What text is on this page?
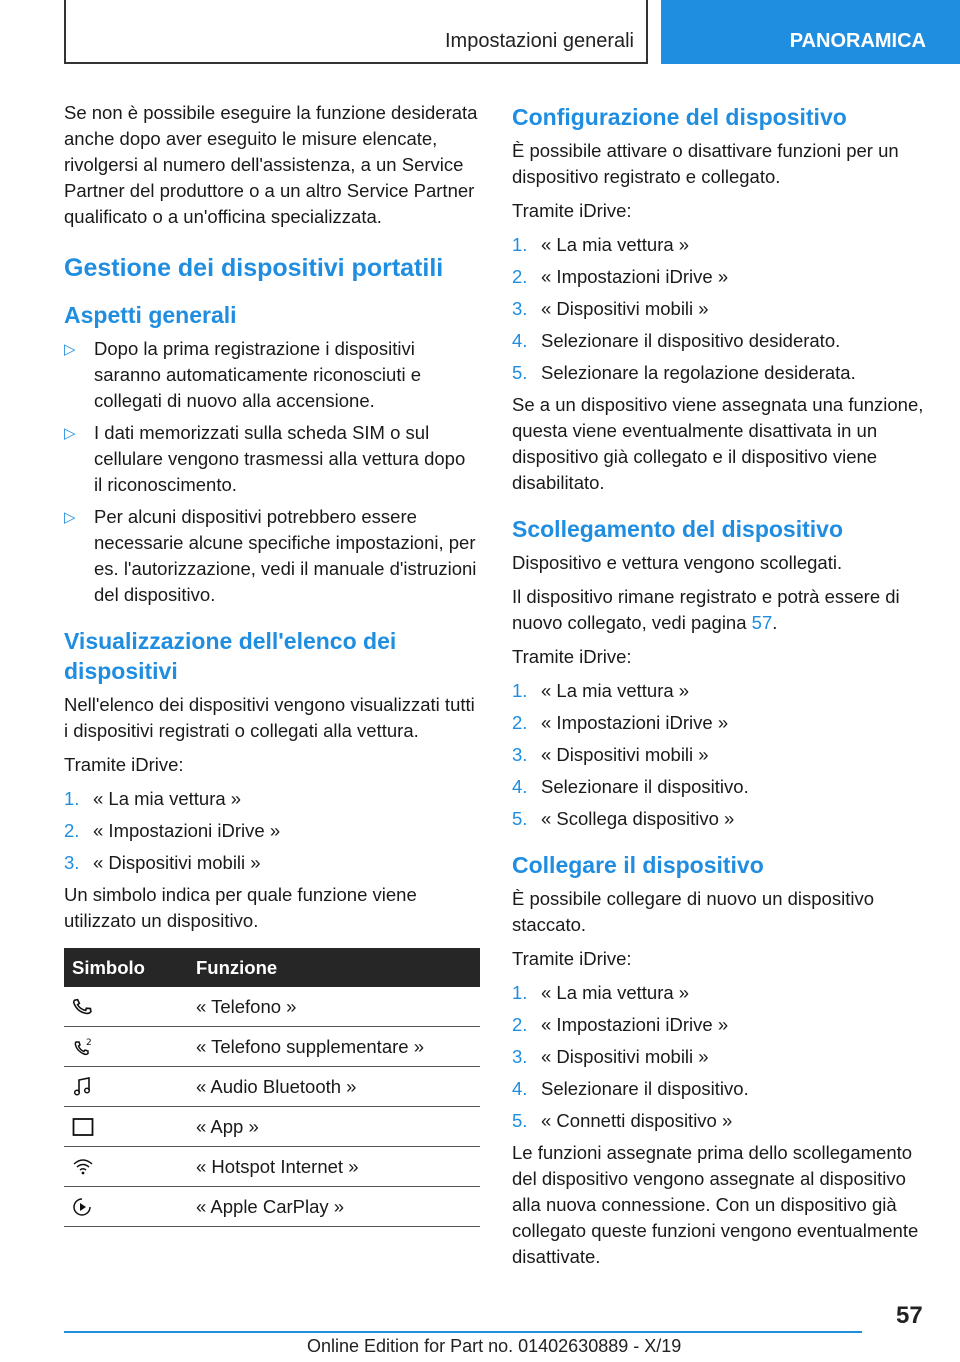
Impostazioni generali	PANORAMICA

Se non è possibile eseguire la funzione desiderata anche dopo aver eseguito le misure elencate, rivolgersi al numero dell'assistenza, a un Service Partner del produttore o a un altro Service Partner qualificato o a un'officina specializzata.

Gestione dei dispositivi portatili
Aspetti generali
▷ Dopo la prima registrazione i dispositivi saranno automaticamente riconosciuti e collegati di nuovo alla accensione.
▷ I dati memorizzati sulla scheda SIM o sul cellulare vengono trasmessi alla vettura dopo il riconoscimento.
▷ Per alcuni dispositivi potrebbero essere necessarie alcune specifiche impostazioni, per es. l'autorizzazione, vedi il manuale d'istruzioni del dispositivo.
Visualizzazione dell'elenco dei dispositivi

Nell'elenco dei dispositivi vengono visualizzati tutti i dispositivi registrati o collegati alla vettura.

Tramite iDrive:

1. « La mia vettura »
2. « Impostazioni iDrive »
3. « Dispositivi mobili »

Un simbolo indica per quale funzione viene utilizzato un dispositivo.

Simbolo	Funzione

	« Telefono »

2	« Telefono supplementare »

	« Audio Bluetooth »

	« App »

	« Hotspot Internet »

	« Apple CarPlay »
Configurazione del dispositivo

È possibile attivare o disattivare funzioni per un dispositivo registrato e collegato.

Tramite iDrive:

1. « La mia vettura »
2. « Impostazioni iDrive »
3. « Dispositivi mobili »
4. Selezionare il dispositivo desiderato.
5. Selezionare la regolazione desiderata.

Se a un dispositivo viene assegnata una funzione, questa viene eventualmente disattivata in un dispositivo già collegato e il dispositivo viene disabilitato.

Scollegamento del dispositivo

Dispositivo e vettura vengono scollegati.

Il dispositivo rimane registrato e potrà essere di nuovo collegato, vedi pagina 57.

Tramite iDrive:

1. « La mia vettura »
2. « Impostazioni iDrive »
3. « Dispositivi mobili »
4. Selezionare il dispositivo.
5. « Scollega dispositivo »
Collegare il dispositivo

È possibile collegare di nuovo un dispositivo staccato.

Tramite iDrive:

1. « La mia vettura »
2. « Impostazioni iDrive »
3. « Dispositivi mobili »
4. Selezionare il dispositivo.
5. « Connetti dispositivo »

Le funzioni assegnate prima dello scollegamento del dispositivo vengono assegnate al dispositivo alla nuova connessione. Con un dispositivo già collegato queste funzioni vengono eventualmente disattivate.

57
Online Edition for Part no. 01402630889 - X/19
